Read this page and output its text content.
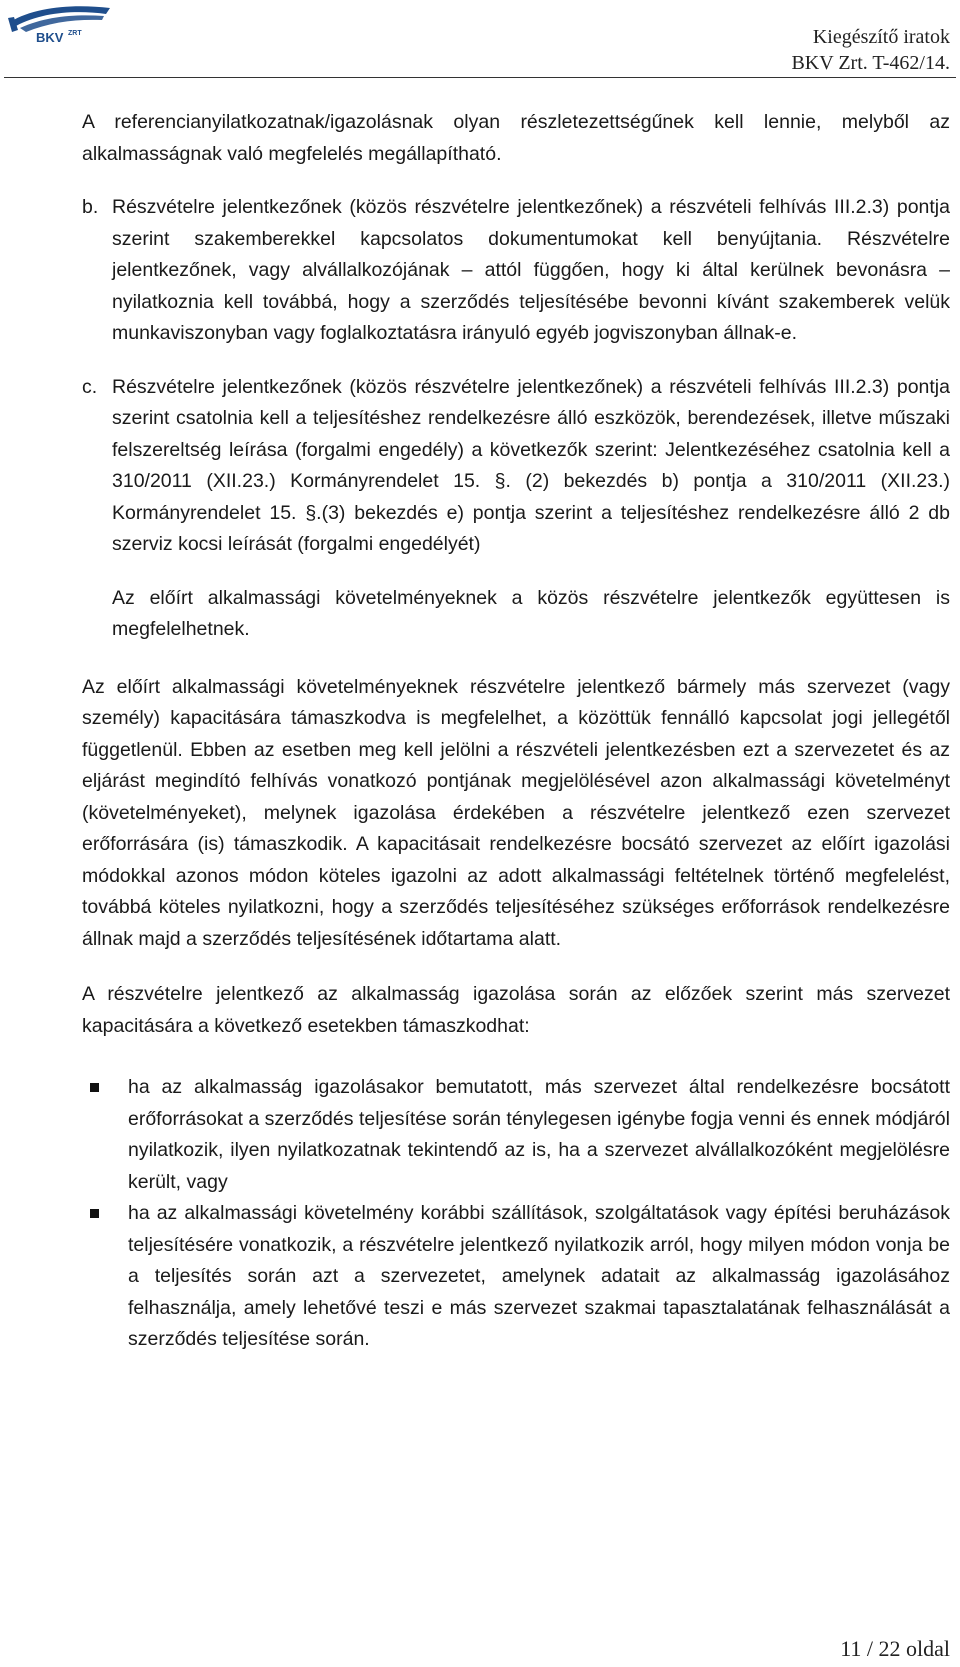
BKV ZRT	Kiegészítő iratok
BKV Zrt. T-462/14.

A referencianyilatkozatnak/igazolásnak olyan részletezettségűnek kell lennie, melyből az alkalmasságnak való megfelelés megállapítható.

b. Részvételre jelentkezőnek (közös részvételre jelentkezőnek) a részvételi felhívás III.2.3) pontja szerint szakemberekkel kapcsolatos dokumentumokat kell benyújtania. Részvételre jelentkezőnek, vagy alvállalkozójának – attól függően, hogy ki által kerülnek bevonásra – nyilatkoznia kell továbbá, hogy a szerződés teljesítésébe bevonni kívánt szakemberek velük munkaviszonyban vagy foglalkoztatásra irányuló egyéb jogviszonyban állnak-e.

c. Részvételre jelentkezőnek (közös részvételre jelentkezőnek) a részvételi felhívás III.2.3) pontja szerint csatolnia kell a teljesítéshez rendelkezésre álló eszközök, berendezések, illetve műszaki felszereltség leírása (forgalmi engedély) a következők szerint: Jelentkezéséhez csatolnia kell a 310/2011 (XII.23.) Kormányrendelet 15. §. (2) bekezdés b) pontja a 310/2011 (XII.23.) Kormányrendelet 15. §.(3) bekezdés e) pontja szerint a teljesítéshez rendelkezésre álló 2 db szerviz kocsi leírását (forgalmi engedélyét)

Az előírt alkalmassági követelményeknek a közös részvételre jelentkezők együttesen is megfelelhetnek.

Az előírt alkalmassági követelményeknek részvételre jelentkező bármely más szervezet (vagy személy) kapacitására támaszkodva is megfelelhet, a közöttük fennálló kapcsolat jogi jellegétől függetlenül. Ebben az esetben meg kell jelölni a részvételi jelentkezésben ezt a szervezetet és az eljárást megindító felhívás vonatkozó pontjának megjelölésével azon alkalmassági követelményt (követelményeket), melynek igazolása érdekében a részvételre jelentkező ezen szervezet erőforrására (is) támaszkodik. A kapacitásait rendelkezésre bocsátó szervezet az előírt igazolási módokkal azonos módon köteles igazolni az adott alkalmassági feltételnek történő megfelelést, továbbá köteles nyilatkozni, hogy a szerződés teljesítéséhez szükséges erőforrások rendelkezésre állnak majd a szerződés teljesítésének időtartama alatt.

A részvételre jelentkező az alkalmasság igazolása során az előzőek szerint más szervezet kapacitására a következő esetekben támaszkodhat:

ha az alkalmasság igazolásakor bemutatott, más szervezet által rendelkezésre bocsátott erőforrásokat a szerződés teljesítése során ténylegesen igénybe fogja venni és ennek módjáról nyilatkozik, ilyen nyilatkozatnak tekintendő az is, ha a szervezet alvállalkozóként megjelölésre került, vagy

ha az alkalmassági követelmény korábbi szállítások, szolgáltatások vagy építési beruházások teljesítésére vonatkozik, a részvételre jelentkező nyilatkozik arról, hogy milyen módon vonja be a teljesítés során azt a szervezetet, amelynek adatait az alkalmasság igazolásához felhasználja, amely lehetővé teszi e más szervezet szakmai tapasztalatának felhasználását a szerződés teljesítése során.

11 / 22 oldal
